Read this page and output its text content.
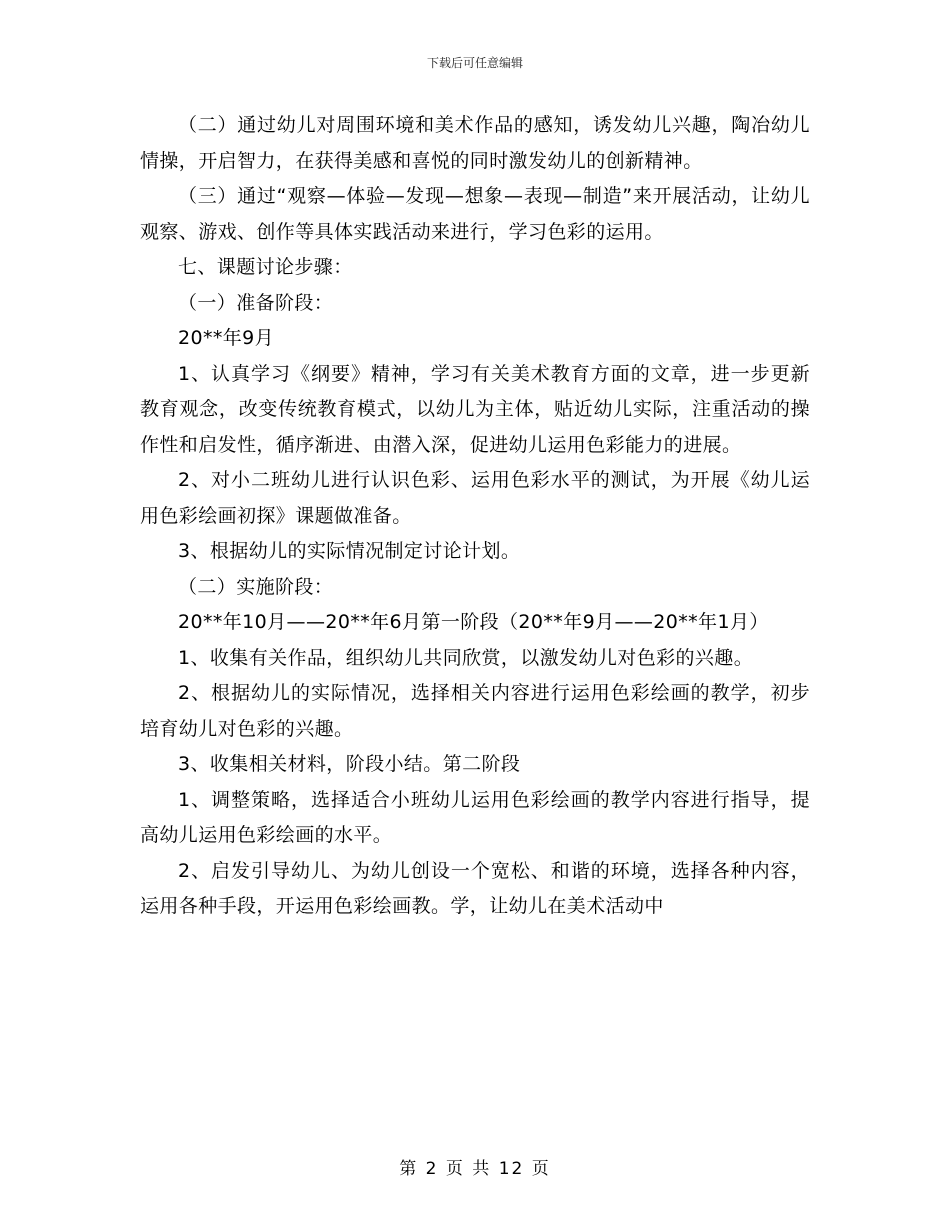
下载后可任意编辑

（二）通过幼儿对周围环境和美术作品的感知，诱发幼儿兴趣，陶冶幼儿情操，开启智力，在获得美感和喜悦的同时激发幼儿的创新精神。

（三）通过“观察—体验—发现—想象—表现—制造”来开展活动，让幼儿观察、游戏、创作等具体实践活动来进行，学习色彩的运用。

七、课题讨论步骤：

（一）准备阶段：

20**年9月

1、认真学习《纲要》精神，学习有关美术教育方面的文章，进一步更新教育观念，改变传统教育模式，以幼儿为主体，贴近幼儿实际，注重活动的操作性和启发性，循序渐进、由潜入深，促进幼儿运用色彩能力的进展。

2、对小二班幼儿进行认识色彩、运用色彩水平的测试，为开展《幼儿运用色彩绘画初探》课题做准备。

3、根据幼儿的实际情况制定讨论计划。

（二）实施阶段：

20**年10月——20**年6月第一阶段（20**年9月——20**年1月）

1、收集有关作品，组织幼儿共同欣赏，以激发幼儿对色彩的兴趣。

2、根据幼儿的实际情况，选择相关内容进行运用色彩绘画的教学，初步培育幼儿对色彩的兴趣。

3、收集相关材料，阶段小结。第二阶段

1、调整策略，选择适合小班幼儿运用色彩绘画的教学内容进行指导，提高幼儿运用色彩绘画的水平。

2、启发引导幼儿、为幼儿创设一个宽松、和谐的环境，选择各种内容，运用各种手段，开运用色彩绘画教。学，让幼儿在美术活动中

第 2 页 共 12 页
